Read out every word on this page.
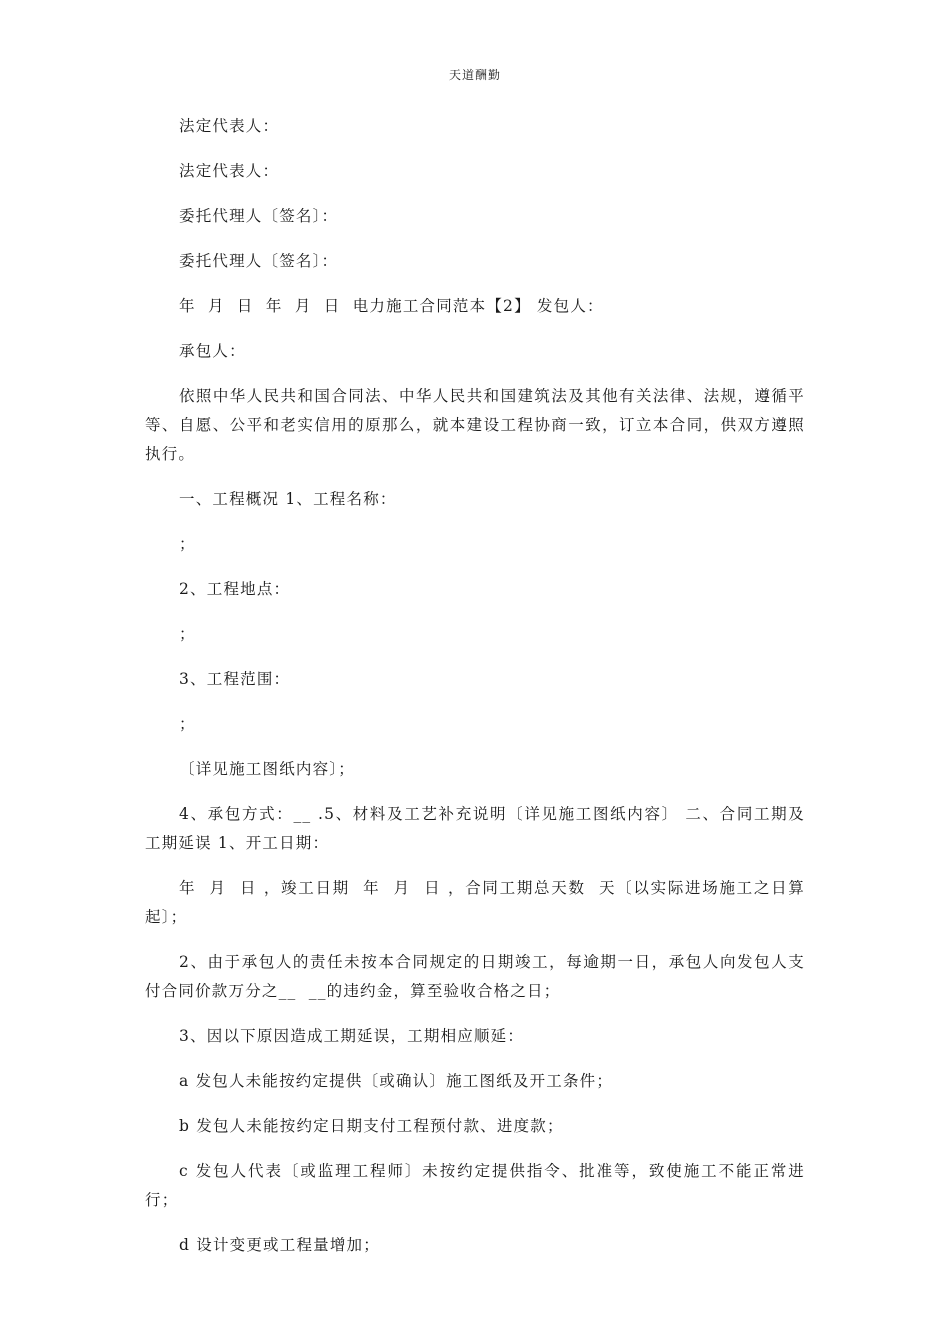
天道酬勤

法定代表人：

法定代表人：

委托代理人〔签名〕：

委托代理人〔签名〕：

年  月  日  年  月  日  电力施工合同范本【2】 发包人：

承包人：

依照中华人民共和国合同法、中华人民共和国建筑法及其他有关法律、法规，遵循平等、自愿、公平和老实信用的原那么，就本建设工程协商一致，订立本合同，供双方遵照执行。

一、工程概况 1、工程名称：

；

2、工程地点：

；

3、工程范围：

；

〔详见施工图纸内容〕；

4、承包方式：__ .5、材料及工艺补充说明〔详见施工图纸内容〕 二、合同工期及工期延误 1、开工日期：

年  月  日 ，竣工日期  年  月  日 ，合同工期总天数  天〔以实际进场施工之日算起〕；

2、由于承包人的责任未按本合同规定的日期竣工，每逾期一日，承包人向发包人支付合同价款万分之__  __的违约金，算至验收合格之日；

3、因以下原因造成工期延误，工期相应顺延：

a 发包人未能按约定提供〔或确认〕施工图纸及开工条件；

b 发包人未能按约定日期支付工程预付款、进度款；

c 发包人代表〔或监理工程师〕未按约定提供指令、批准等，致使施工不能正常进行；

d 设计变更或工程量增加；
